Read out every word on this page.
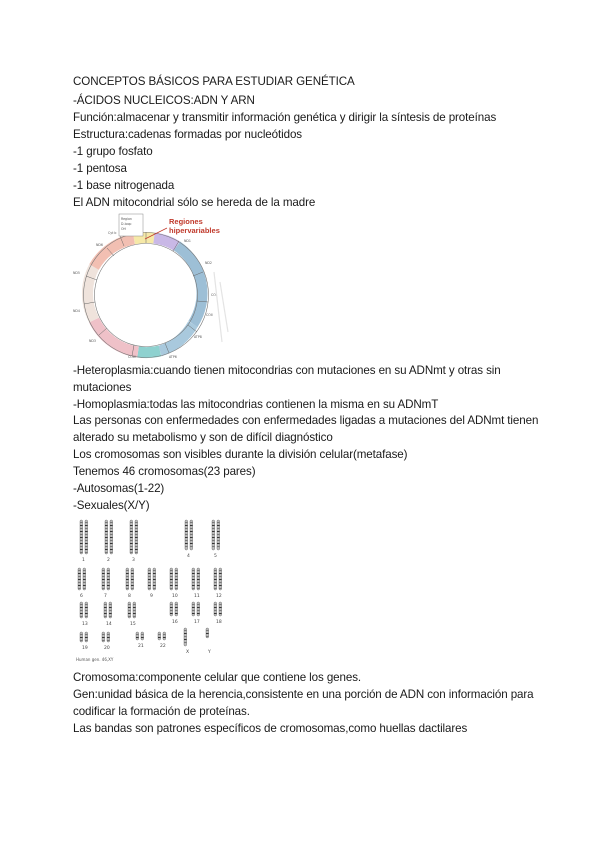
CONCEPTOS BÁSICOS PARA ESTUDIAR GENÉTICA
-ÁCIDOS NUCLEICOS:ADN Y ARN
Función:almacenar y transmitir información genética y dirigir la síntesis de proteínas
Estructura:cadenas formadas por nucleótidos
-1 grupo fosfato
-1 pentosa
-1 base nitrogenada
El ADN mitocondrial sólo se hereda de la madre
Region
D-loop
OH
ND1
ND2
COI
COII
ATP8
ATP6
COIII
ND3
ND4
ND5
ND6
Cyt b
Regiones
hipervariables
-Heteroplasmia:cuando tienen mitocondrias con mutaciones en su ADNmt y otras sin
mutaciones
-Homoplasmia:todas las mitocondrias contienen la misma en su ADNmT
Las personas con enfermedades con enfermedades ligadas a mutaciones del ADNmt tienen
alterado su metabolismo y son de difícil diagnóstico
Los cromosomas son visibles durante la división celular(metafase)
Tenemos 46 cromosomas(23 pares)
-Autosomas(1-22)
-Sexuales(X/Y)
1	2	3
4	5
6	7	8	9	10	11	12
13	14	15	16	17	18
19	20	21	22
X	Y
Human gen. 46,XY
Cromosoma:componente celular que contiene los genes.
Gen:unidad básica de la herencia,consistente en una porción de ADN con información para
codificar la formación de proteínas.
Las bandas son patrones específicos de cromosomas,como huellas dactilares
